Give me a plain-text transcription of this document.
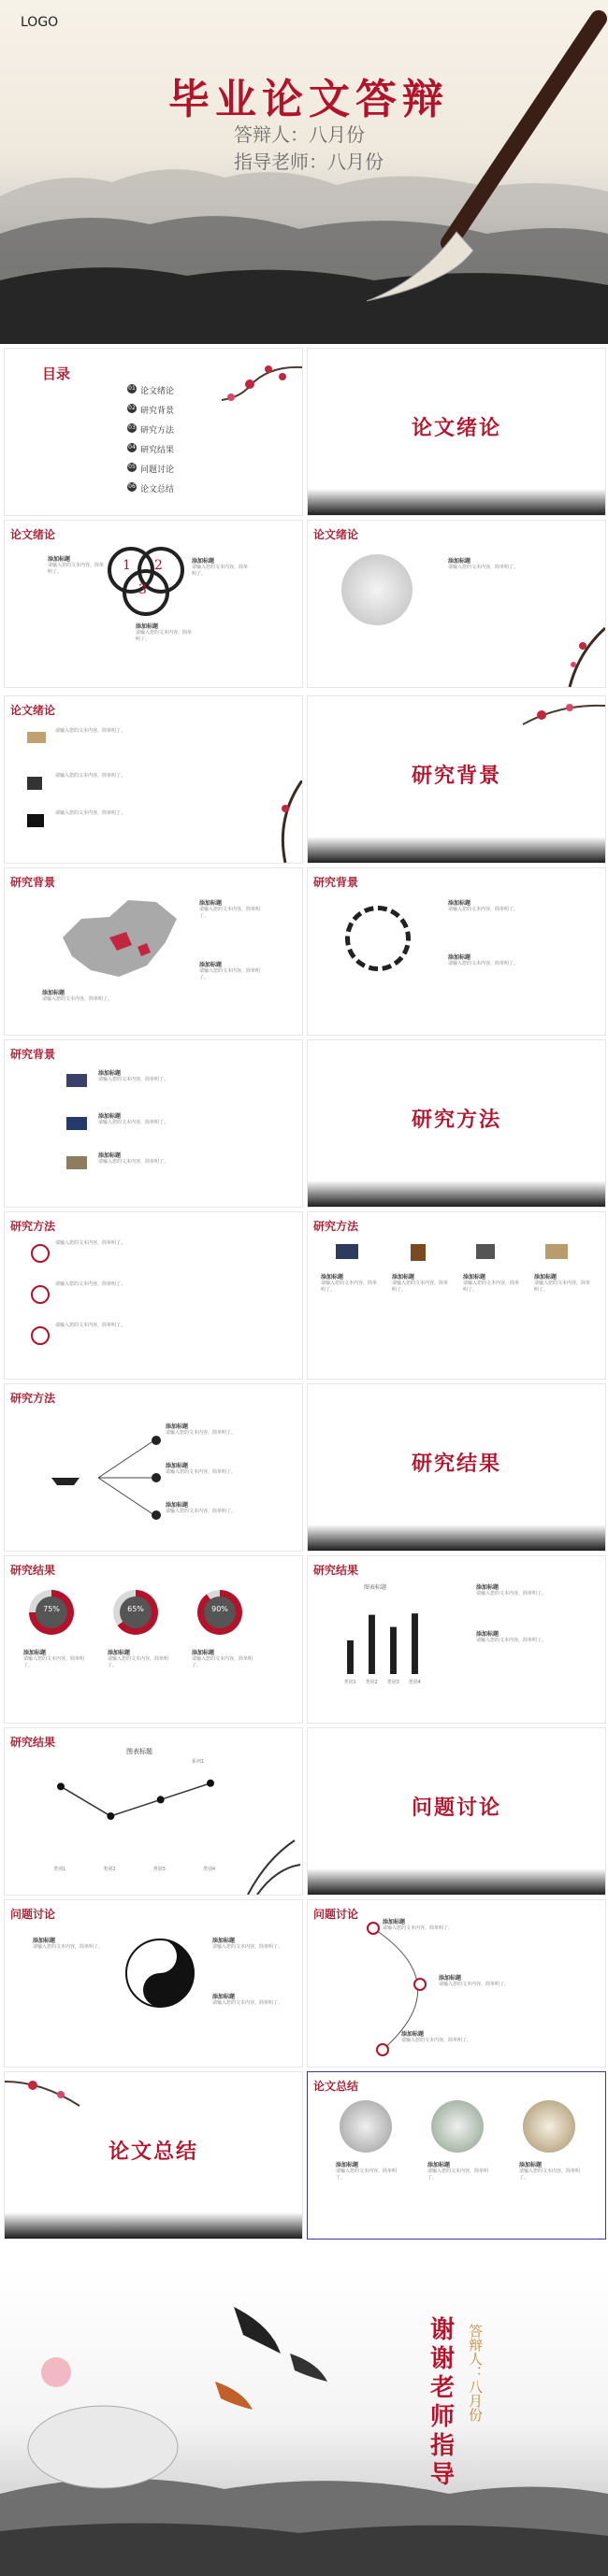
LOGO
毕业论文答辩
答辩人：八月份
指导老师：八月份
目录
01 论文绪论
02 研究背景
03 研究方法
04 研究结果
05 问题讨论
06 论文总结
论文绪论
论文绪论
1 2
3
添加标题
请输入您的文本内容，简单明了。
添加标题
请输入您的文本内容，简单明了。
添加标题
请输入您的文本内容，简单明了。
论文绪论
添加标题
请输入您的文本内容，简单明了。
论文绪论
请输入您的文本内容，简单明了。
请输入您的文本内容，简单明了。
请输入您的文本内容，简单明了。
研究背景
研究背景
添加标题
请输入您的文本内容，简单明了。
添加标题
请输入您的文本内容，简单明了。
添加标题
请输入您的文本内容，简单明了。
研究背景
添加标题
请输入您的文本内容，简单明了。
添加标题
请输入您的文本内容，简单明了。
研究背景
添加标题
请输入您的文本内容，简单明了。
添加标题
请输入您的文本内容，简单明了。
添加标题
请输入您的文本内容，简单明了。
研究方法
研究方法
请输入您的文本内容，简单明了。
请输入您的文本内容，简单明了。
请输入您的文本内容，简单明了。
研究方法
添加标题
请输入您的文本内容，简单明了。
添加标题
请输入您的文本内容，简单明了。
添加标题
请输入您的文本内容，简单明了。
添加标题
请输入您的文本内容，简单明了。
研究方法
添加标题
请输入您的文本内容，简单明了。
添加标题
请输入您的文本内容，简单明了。
添加标题
请输入您的文本内容，简单明了。
研究结果
研究结果
75%	65%	90%
添加标题
请输入您的文本内容，简单明了。
添加标题
请输入您的文本内容，简单明了。
添加标题
请输入您的文本内容，简单明了。
研究结果
图表标题
类别1 类别2 类别3 类别4
添加标题
请输入您的文本内容，简单明了。
添加标题
请输入您的文本内容，简单明了。
研究结果
图表标题
系列1
类别1	类别2	类别3	类别4
问题讨论
问题讨论
添加标题
请输入您的文本内容，简单明了。
添加标题
请输入您的文本内容，简单明了。
添加标题
请输入您的文本内容，简单明了。
问题讨论
添加标题
请输入您的文本内容，简单明了。
添加标题
请输入您的文本内容，简单明了。
添加标题
请输入您的文本内容，简单明了。
论文总结
论文总结
添加标题
请输入您的文本内容，简单明了。
添加标题
请输入您的文本内容，简单明了。
添加标题
请输入您的文本内容，简单明了。
谢谢老师指导
答辩人：八月份
